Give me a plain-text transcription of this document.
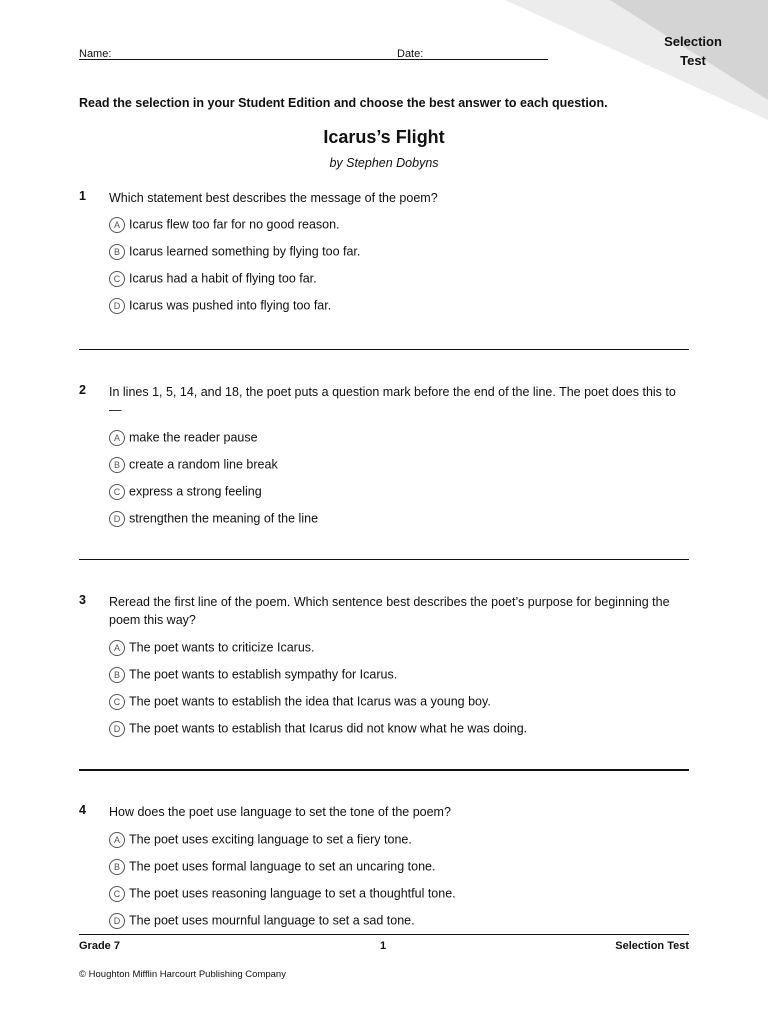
Selection
Test
Name:	Date:
Read the selection in your Student Edition and choose the best answer to each question.
Icarus’s Flight
by Stephen Dobyns
1 Which statement best describes the message of the poem?
A Icarus flew too far for no good reason.
B Icarus learned something by flying too far.
C Icarus had a habit of flying too far.
D Icarus was pushed into flying too far.
2 In lines 1, 5, 14, and 18, the poet puts a question mark before the end of the line. The poet does this to —
A make the reader pause
B create a random line break
C express a strong feeling
D strengthen the meaning of the line
3 Reread the first line of the poem. Which sentence best describes the poet’s purpose for beginning the poem this way?
A The poet wants to criticize Icarus.
B The poet wants to establish sympathy for Icarus.
C The poet wants to establish the idea that Icarus was a young boy.
D The poet wants to establish that Icarus did not know what he was doing.
4 How does the poet use language to set the tone of the poem?
A The poet uses exciting language to set a fiery tone.
B The poet uses formal language to set an uncaring tone.
C The poet uses reasoning language to set a thoughtful tone.
D The poet uses mournful language to set a sad tone.
Grade 7	1	Selection Test
© Houghton Mifflin Harcourt Publishing Company
